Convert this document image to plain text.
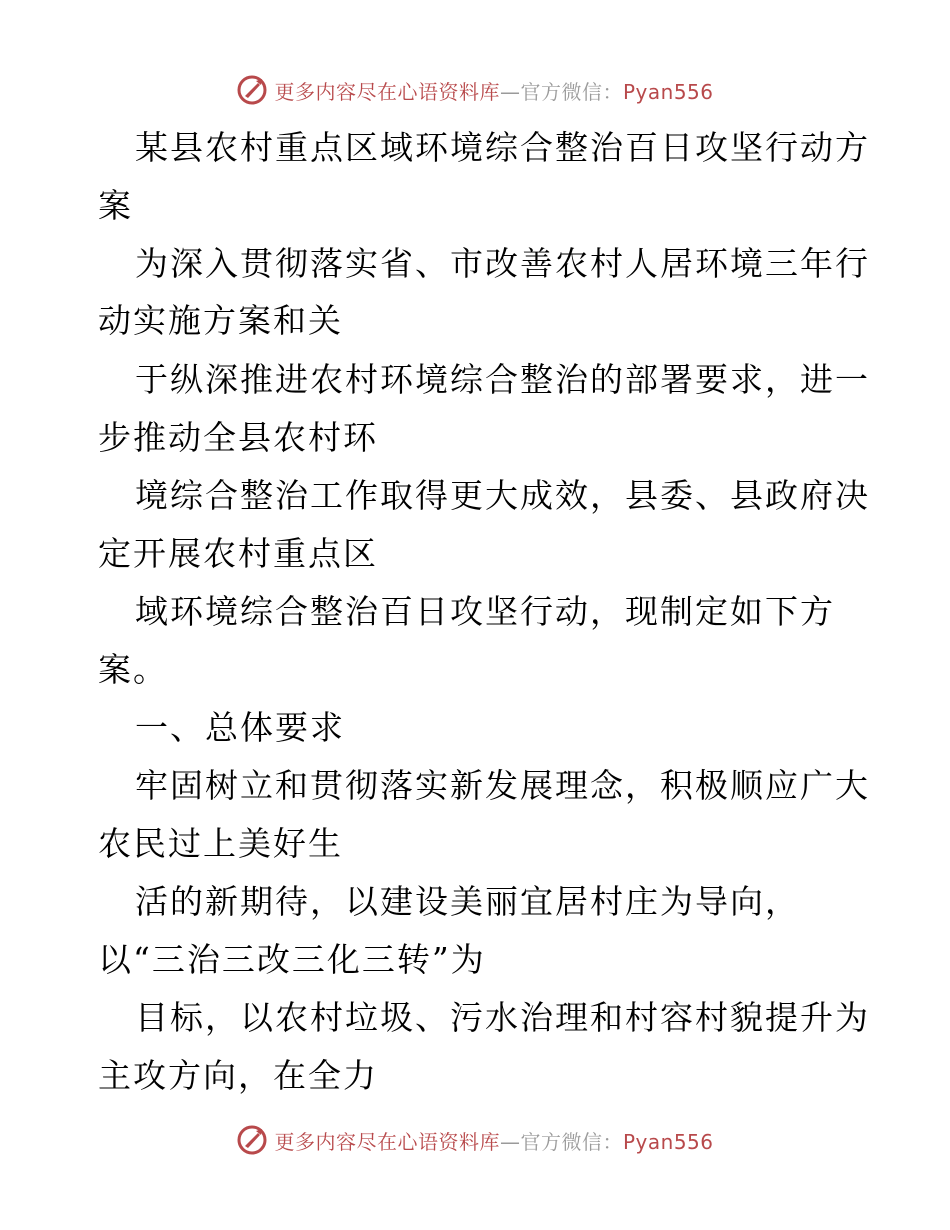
更多内容尽在心语资料库—官方微信：Pyan556
某县农村重点区域环境综合整治百日攻坚行动方
案
为深入贯彻落实省、市改善农村人居环境三年行
动实施方案和关
于纵深推进农村环境综合整治的部署要求，进一
步推动全县农村环
境综合整治工作取得更大成效，县委、县政府决
定开展农村重点区
域环境综合整治百日攻坚行动，现制定如下方
案。
一、总体要求
牢固树立和贯彻落实新发展理念，积极顺应广大
农民过上美好生
活的新期待，以建设美丽宜居村庄为导向，
以“三治三改三化三转”为
目标，以农村垃圾、污水治理和村容村貌提升为
主攻方向，在全力
更多内容尽在心语资料库—官方微信：Pyan556
